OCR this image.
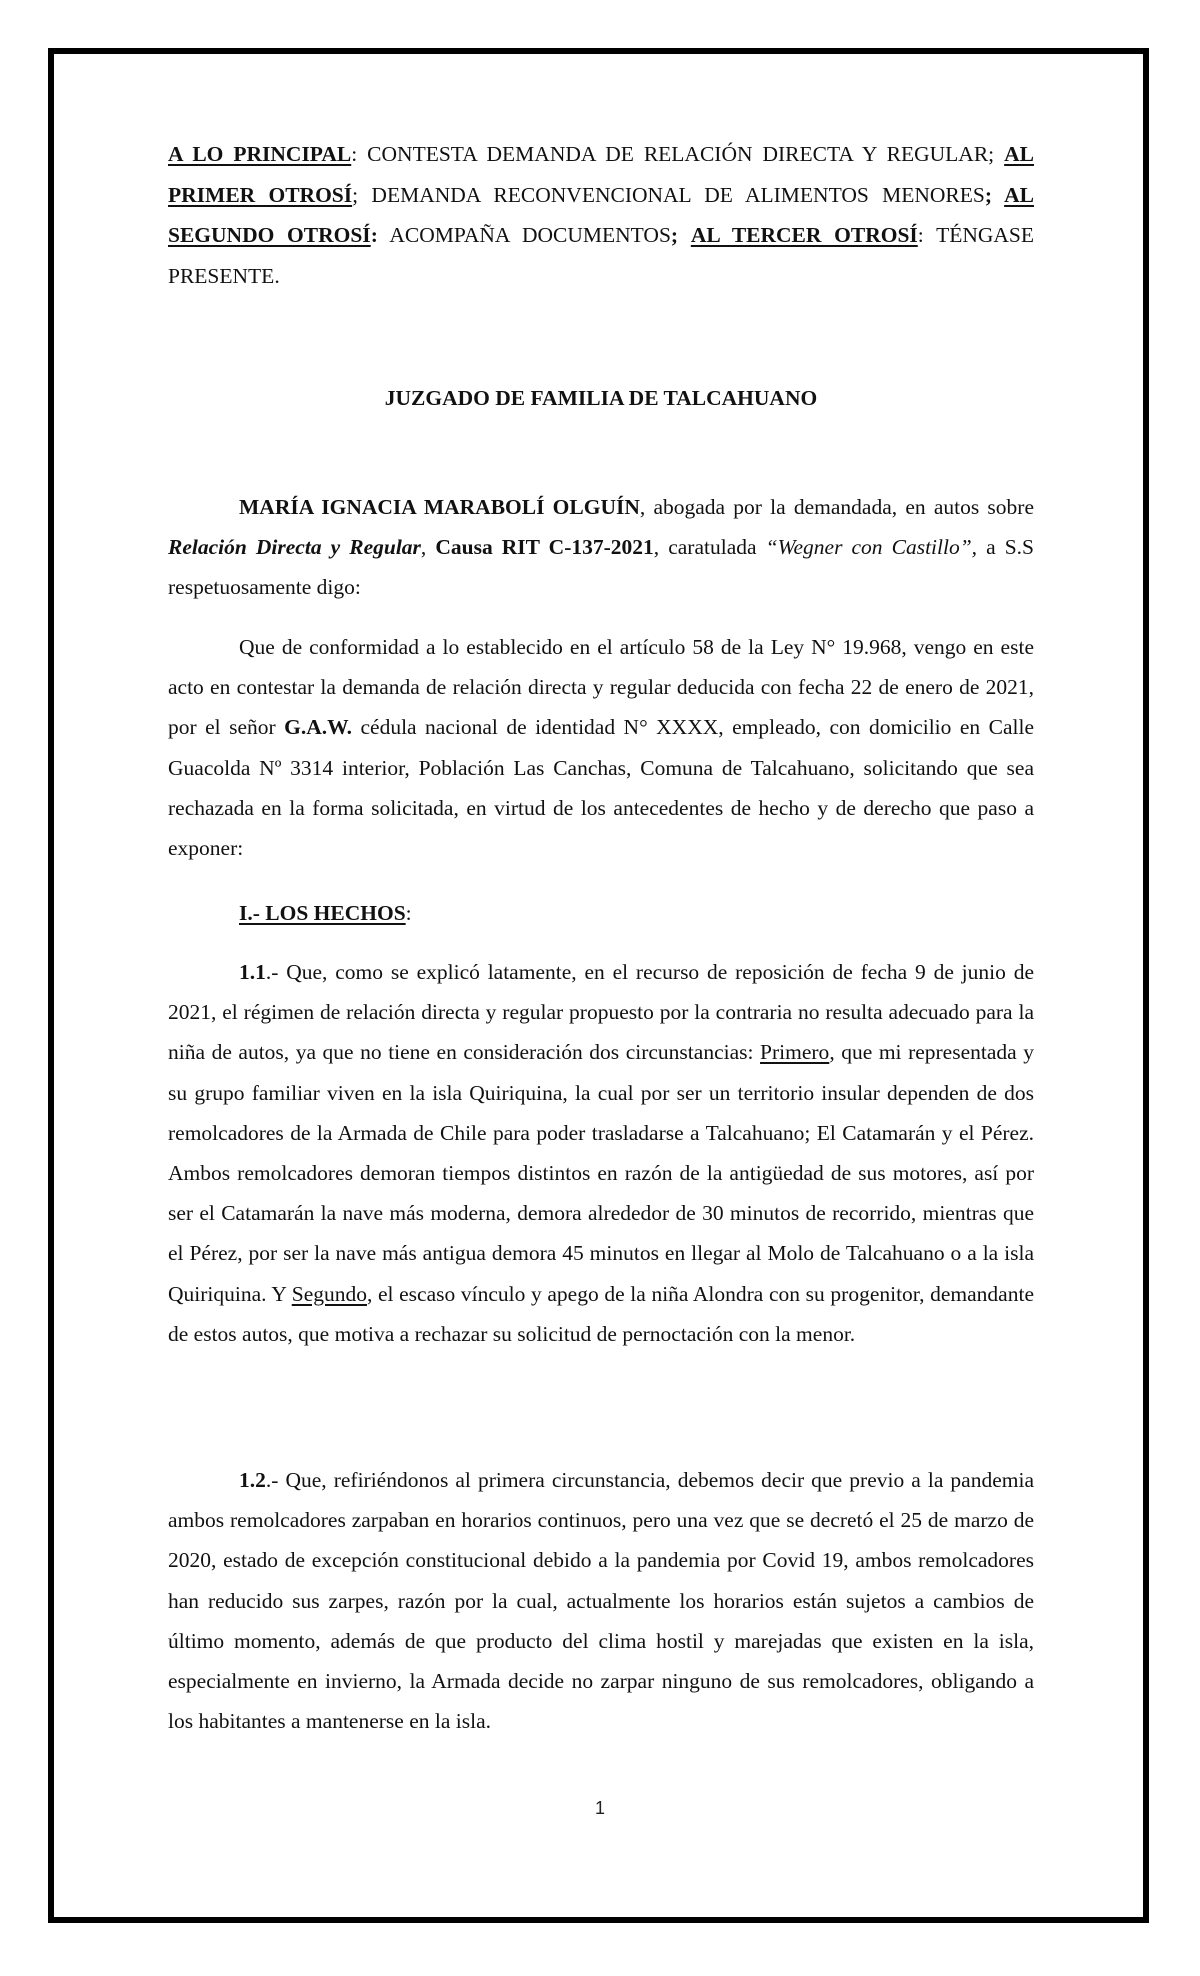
A LO PRINCIPAL: CONTESTA DEMANDA DE RELACIÓN DIRECTA Y REGULAR; AL PRIMER OTROSÍ; DEMANDA RECONVENCIONAL DE ALIMENTOS MENORES; AL SEGUNDO OTROSÍ: ACOMPAÑA DOCUMENTOS; AL TERCER OTROSÍ: TÉNGASE PRESENTE.

JUZGADO DE FAMILIA DE TALCAHUANO

MARÍA IGNACIA MARABOLÍ OLGUÍN, abogada por la demandada, en autos sobre Relación Directa y Regular, Causa RIT C-137-2021, caratulada “Wegner con Castillo”, a S.S respetuosamente digo:

Que de conformidad a lo establecido en el artículo 58 de la Ley N° 19.968, vengo en este acto en contestar la demanda de relación directa y regular deducida con fecha 22 de enero de 2021, por el señor G.A.W. cédula nacional de identidad N° XXXX, empleado, con domicilio en Calle Guacolda Nº 3314 interior, Población Las Canchas, Comuna de Talcahuano, solicitando que sea rechazada en la forma solicitada, en virtud de los antecedentes de hecho y de derecho que paso a exponer:

I.- LOS HECHOS:

1.1.- Que, como se explicó latamente, en el recurso de reposición de fecha 9 de junio de 2021, el régimen de relación directa y regular propuesto por la contraria no resulta adecuado para la niña de autos, ya que no tiene en consideración dos circunstancias: Primero, que mi representada y su grupo familiar viven en la isla Quiriquina, la cual por ser un territorio insular dependen de dos remolcadores de la Armada de Chile para poder trasladarse a Talcahuano; El Catamarán y el Pérez. Ambos remolcadores demoran tiempos distintos en razón de la antigüedad de sus motores, así por ser el Catamarán la nave más moderna, demora alrededor de 30 minutos de recorrido, mientras que el Pérez, por ser la nave más antigua demora 45 minutos en llegar al Molo de Talcahuano o a la isla Quiriquina. Y Segundo, el escaso vínculo y apego de la niña Alondra con su progenitor, demandante de estos autos, que motiva a rechazar su solicitud de pernoctación con la menor.

1.2.- Que, refiriéndonos al primera circunstancia, debemos decir que previo a la pandemia ambos remolcadores zarpaban en horarios continuos, pero una vez que se decretó el 25 de marzo de 2020, estado de excepción constitucional debido a la pandemia por Covid 19, ambos remolcadores han reducido sus zarpes, razón por la cual, actualmente los horarios están sujetos a cambios de último momento, además de que producto del clima hostil y marejadas que existen en la isla, especialmente en invierno, la Armada decide no zarpar ninguno de sus remolcadores, obligando a los habitantes a mantenerse en la isla.

1
